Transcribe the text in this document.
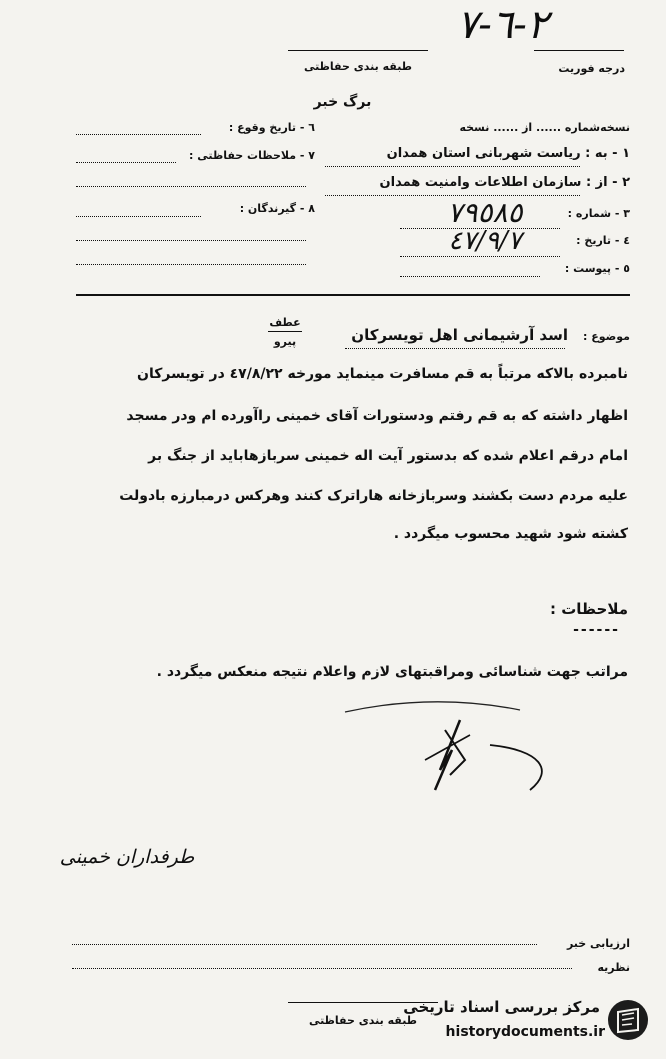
٢-٦-٧
طبقه بندی حفاظتی	درجه فوریت
برگ خبر
نسخه‌شماره ...... از ...... نسخه
۱ - به : ریاست شهربانی استان همدان
۲ - از : سازمان اطلاعات وامنیت همدان
۳ - شماره :
٧٩٥٨٥
٤ - تاریخ :
٤٧/٩/٧
٥ - پیوست :
٦ - تاریخ وقوع :
٧ - ملاحظات حفاظتی :
٨ - گیرندگان :
عطف
پیرو	موضوع :
اسد آرشیمانی اهل تویسرکان
نامبرده بالاکه مرتباً به قم مسافرت مینماید مورخه ٤٧/٨/٢٢ در تویسرکان
اظهار داشته که به قم رفتم ودستورات آقای خمینی راآورده ام ودر مسجد
امام درقم اعلام شده که بدستور آیت اله خمینی سربازهاباید از جنگ بر
علیه مردم دست بکشند وسربازخانه هاراترک کنند وهرکس درمبارزه بادولت
کشته شود شهید محسوب میگردد .
ملاحظات :
------
مراتب جهت شناسائی ومراقبتهای لازم واعلام نتیجه منعکس میگردد .
طرفداران خمینی
ارزیابی خبر
نظریه
طبقه بندی حفاظتی
مرکز بررسی اسناد تاریخی
historydocuments.ir
